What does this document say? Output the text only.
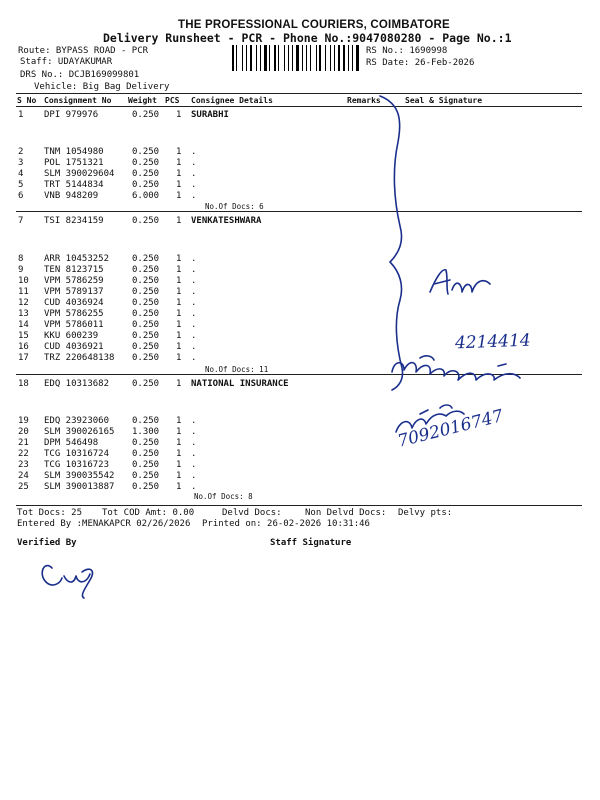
THE PROFESSIONAL COURIERS, COIMBATORE
Delivery Runsheet - PCR - Phone No.:9047080280 - Page No.:1
Route: BYPASS ROAD - PCR
Staff: UDAYAKUMAR
DRS No.: DCJB169099801
Vehicle: Big Bag Delivery
RS No.: 1690998
RS Date: 26-Feb-2026
S No Consignment No Weight PCS Consignee Details	Remarks	Seal & Signature
1 DPI 979976	0.250 1 SURABHI
2 TNM 1054980	0.250 1 .
3 POL 1751321	0.250 1 .
4 SLM 390029604 0.250 1 .
5 TRT 5144834	0.250 1 .
6 VNB 948209	6.000 1 .
7 TSI 8234159	0.250 1 VENKATESHWARA
8 ARR 10453252	0.250 1 .
9 TEN 8123715	0.250 1 .
10 VPM 5786259	0.250 1 .
11 VPM 5789137	0.250 1 .
12 CUD 4036924	0.250 1 .
13 VPM 5786255	0.250 1 .
14 VPM 5786011	0.250 1 .
15 KKU 600239	0.250 1 .
16 CUD 4036921	0.250 1 .
17 TRZ 220648138 0.250 1 .
18 EDQ 10313682	0.250 1 NATIONAL INSURANCE
19 EDQ 23923060	0.250 1 .
20 SLM 390026165 1.300 1 .
21 DPM 546498	0.250 1 .
22 TCG 10316724	0.250 1 .
23 TCG 10316723	0.250 1 .
24 SLM 390035542 0.250 1 .
25 SLM 390013887 0.250 1 .
No.Of Docs: 6
No.Of Docs: 11
No.Of Docs: 8
Tot Docs: 25 Tot COD Amt: 0.00	Delvd Docs:	Non Delvd Docs: Delvy pts:
Entered By :MENAKAPCR 02/26/2026 Printed on: 26-02-2026 10:31:46
Verified By	Staff Signature
4214414
7092016747
